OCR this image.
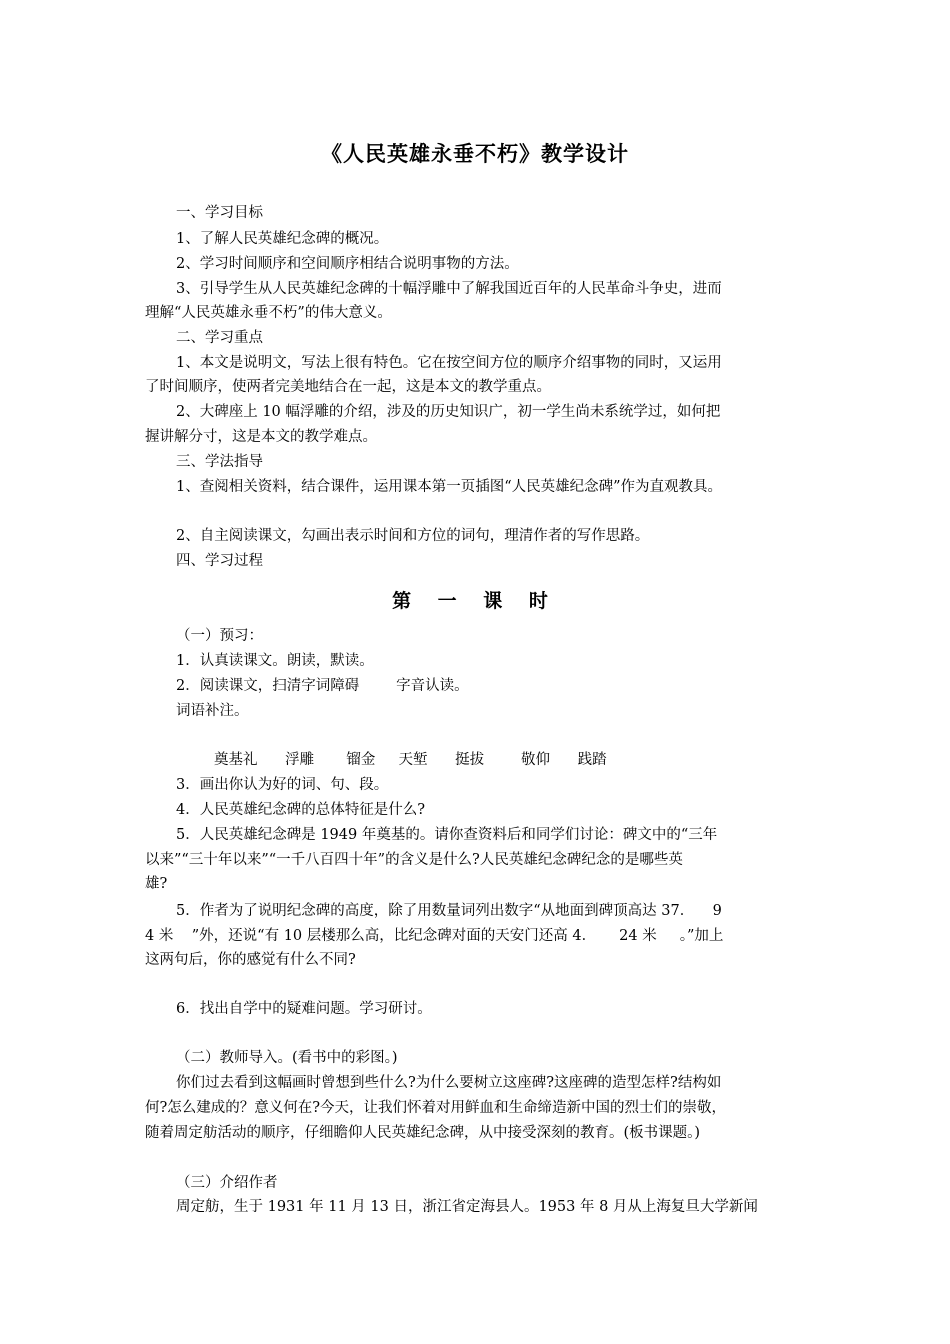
《人民英雄永垂不朽》教学设计
一、学习目标
1、了解人民英雄纪念碑的概况。
2、学习时间顺序和空间顺序相结合说明事物的方法。
3、引导学生从人民英雄纪念碑的十幅浮雕中了解我国近百年的人民革命斗争史，进而
理解“人民英雄永垂不朽”的伟大意义。
二、学习重点
1、本文是说明文，写法上很有特色。它在按空间方位的顺序介绍事物的同时，又运用
了时间顺序，使两者完美地结合在一起，这是本文的教学重点。
2、大碑座上 10 幅浮雕的介绍，涉及的历史知识广，初一学生尚未系统学过，如何把
握讲解分寸，这是本文的教学难点。
三、学法指导
1、查阅相关资料，结合课件，运用课本第一页插图“人民英雄纪念碑”作为直观教具。
2、自主阅读课文，勾画出表示时间和方位的词句，理清作者的写作思路。
四、学习过程
第 一 课 时
（一）预习：
1．认真读课文。朗读，默读。
2．阅读课文，扫清字词障碍        字音认读。
词语补注。
奠基礼      浮雕       镏金     天堑      挺拔        敬仰      践踏
3．画出你认为好的词、句、段。
4．人民英雄纪念碑的总体特征是什么?
5．人民英雄纪念碑是 1949 年奠基的。请你查资料后和同学们讨论：碑文中的“三年
以来”“三十年以来”“一千八百四十年”的含义是什么?人民英雄纪念碑纪念的是哪些英
雄?
5．作者为了说明纪念碑的高度，除了用数量词列出数字“从地面到碑顶高达 37．    9
4 米    ”外，还说“有 10 层楼那么高，比纪念碑对面的天安门还高 4．     24 米     。”加上
这两句后，你的感觉有什么不同?
6．找出自学中的疑难问题。学习研讨。
（二）教师导入。(看书中的彩图。)
你们过去看到这幅画时曾想到些什么?为什么要树立这座碑?这座碑的造型怎样?结构如
何?怎么建成的？意义何在?今天，让我们怀着对用鲜血和生命缔造新中国的烈士们的崇敬，
随着周定舫活动的顺序，仔细瞻仰人民英雄纪念碑，从中接受深刻的教育。(板书课题。)
（三）介绍作者
周定舫，生于 1931 年 11 月 13 日，浙江省定海县人。1953 年 8 月从上海复旦大学新闻
